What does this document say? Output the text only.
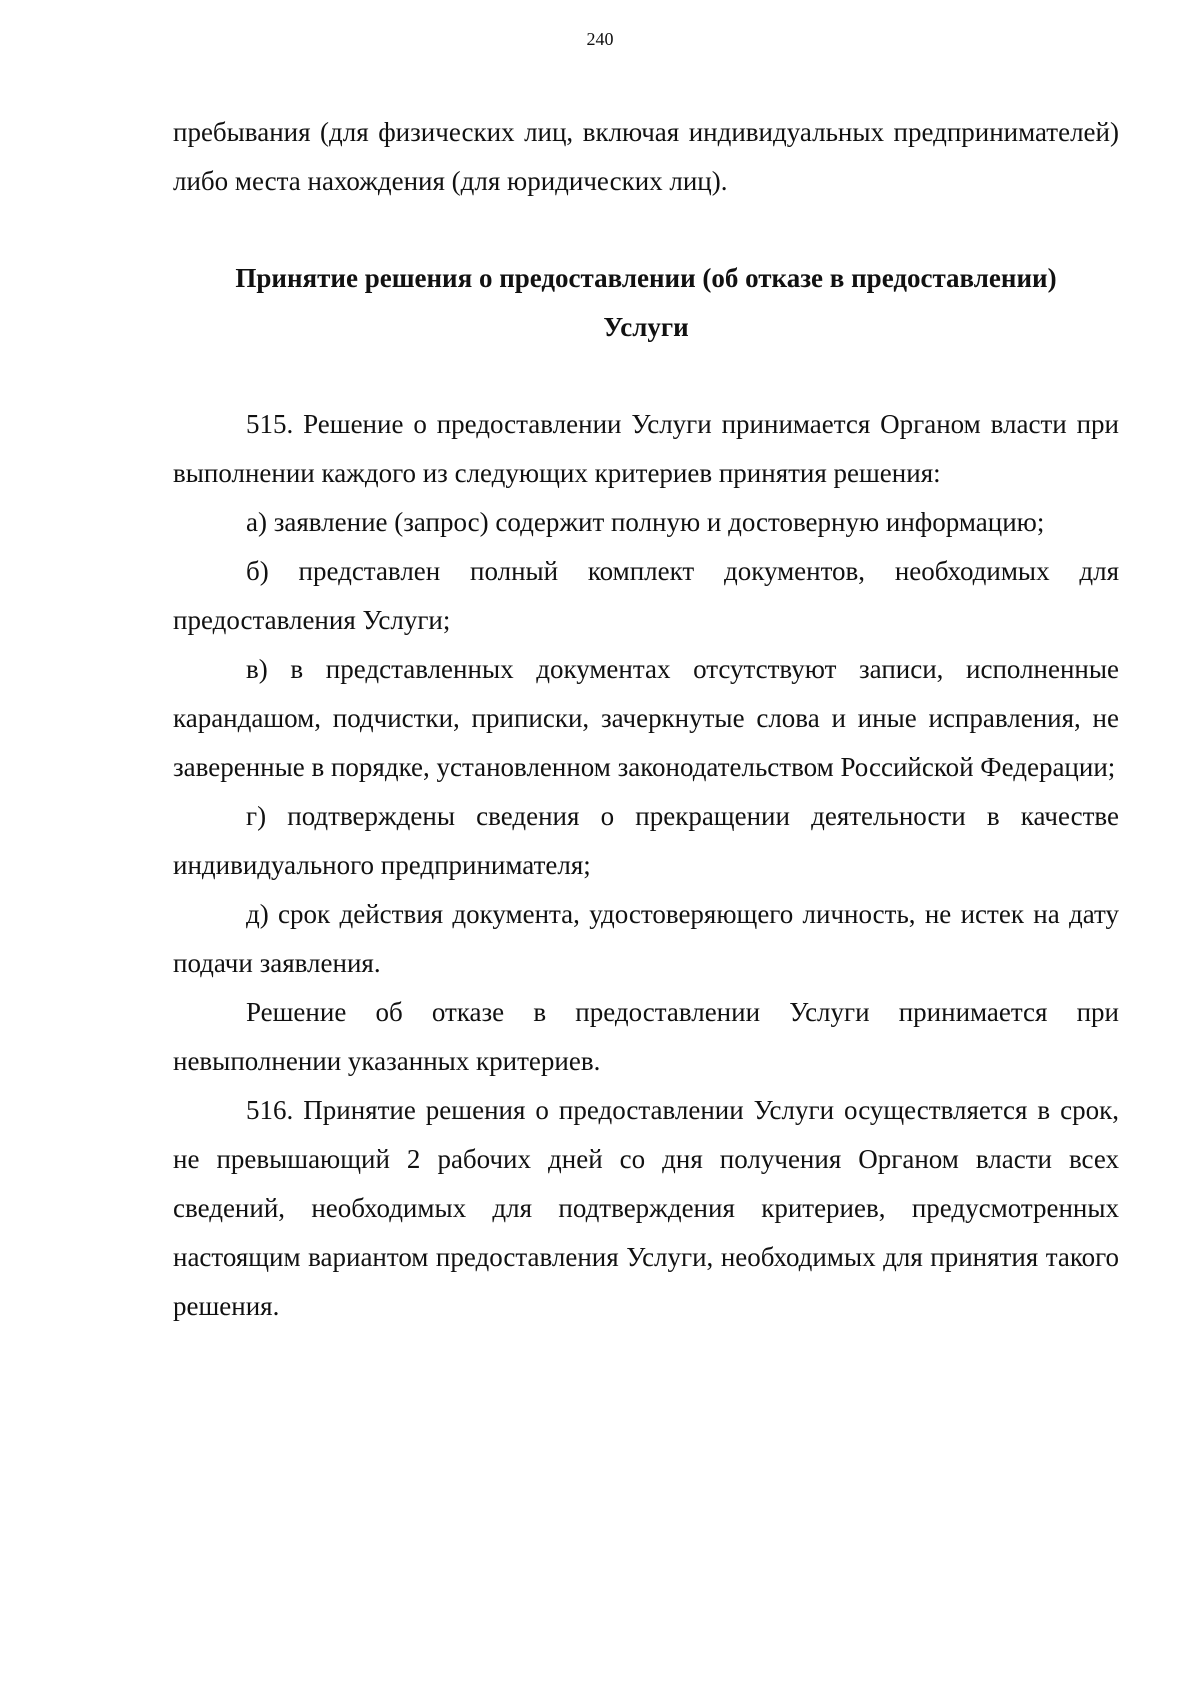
240

пребывания (для физических лиц, включая индивидуальных предпринимателей) либо места нахождения (для юридических лиц).

Принятие решения о предоставлении (об отказе в предоставлении)
Услуги

515. Решение о предоставлении Услуги принимается Органом власти при выполнении каждого из следующих критериев принятия решения:

а) заявление (запрос) содержит полную и достоверную информацию;

б) представлен полный комплект документов, необходимых для предоставления Услуги;

в) в представленных документах отсутствуют записи, исполненные карандашом, подчистки, приписки, зачеркнутые слова и иные исправления, не заверенные в порядке, установленном законодательством Российской Федерации;

г) подтверждены сведения о прекращении деятельности в качестве индивидуального предпринимателя;

д) срок действия документа, удостоверяющего личность, не истек на дату подачи заявления.

Решение об отказе в предоставлении Услуги принимается при невыполнении указанных критериев.

516. Принятие решения о предоставлении Услуги осуществляется в срок, не превышающий 2 рабочих дней со дня получения Органом власти всех сведений, необходимых для подтверждения критериев, предусмотренных настоящим вариантом предоставления Услуги, необходимых для принятия такого решения.
